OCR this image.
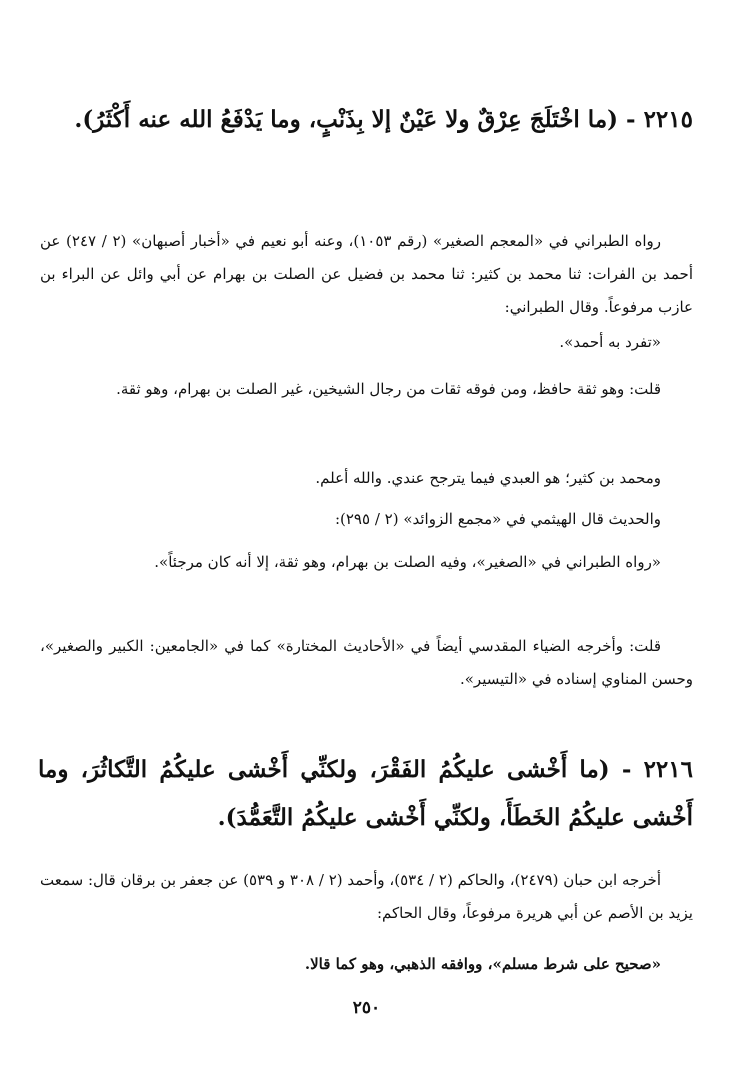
٢٢١٥ - (ما اخْتَلَجَ عِرْقٌ ولا عَيْنٌ إلا بِذَنْبٍ، وما يَدْفَعُ الله عنه أَكْثَرُ).

رواه الطبراني في «المعجم الصغير» (رقم ١٠٥٣)، وعنه أبو نعيم في «أخبار أصبهان» (٢ / ٢٤٧) عن أحمد بن الفرات: ثنا محمد بن كثير: ثنا محمد بن فضيل عن الصلت بن بهرام عن أبي وائل عن البراء بن عازب مرفوعاً. وقال الطبراني:

«تفرد به أحمد».

قلت: وهو ثقة حافظ، ومن فوقه ثقات من رجال الشيخين، غير الصلت بن بهرام، وهو ثقة.

ومحمد بن كثير؛ هو العبدي فيما يترجح عندي. والله أعلم.

والحديث قال الهيثمي في «مجمع الزوائد» (٢ / ٢٩٥):

«رواه الطبراني في «الصغير»، وفيه الصلت بن بهرام، وهو ثقة، إلا أنه كان مرجئاً».

قلت: وأخرجه الضياء المقدسي أيضاً في «الأحاديث المختارة» كما في «الجامعين: الكبير والصغير»، وحسن المناوي إسناده في «التيسير».

٢٢١٦ - (ما أَخْشى عليكُمُ الفَقْرَ، ولكنِّي أَخْشى عليكُمُ التَّكاثُرَ، وما أَخْشى عليكُمُ الخَطَأَ، ولكنِّي أَخْشى عليكُمُ التَّعَمُّدَ).

أخرجه ابن حبان (٢٤٧٩)، والحاكم (٢ / ٥٣٤)، وأحمد (٢ / ٣٠٨ و ٥٣٩) عن جعفر بن برقان قال: سمعت يزيد بن الأصم عن أبي هريرة مرفوعاً، وقال الحاكم:

«صحيح على شرط مسلم»، ووافقه الذهبي، وهو كما قالا.

٢٥٠
